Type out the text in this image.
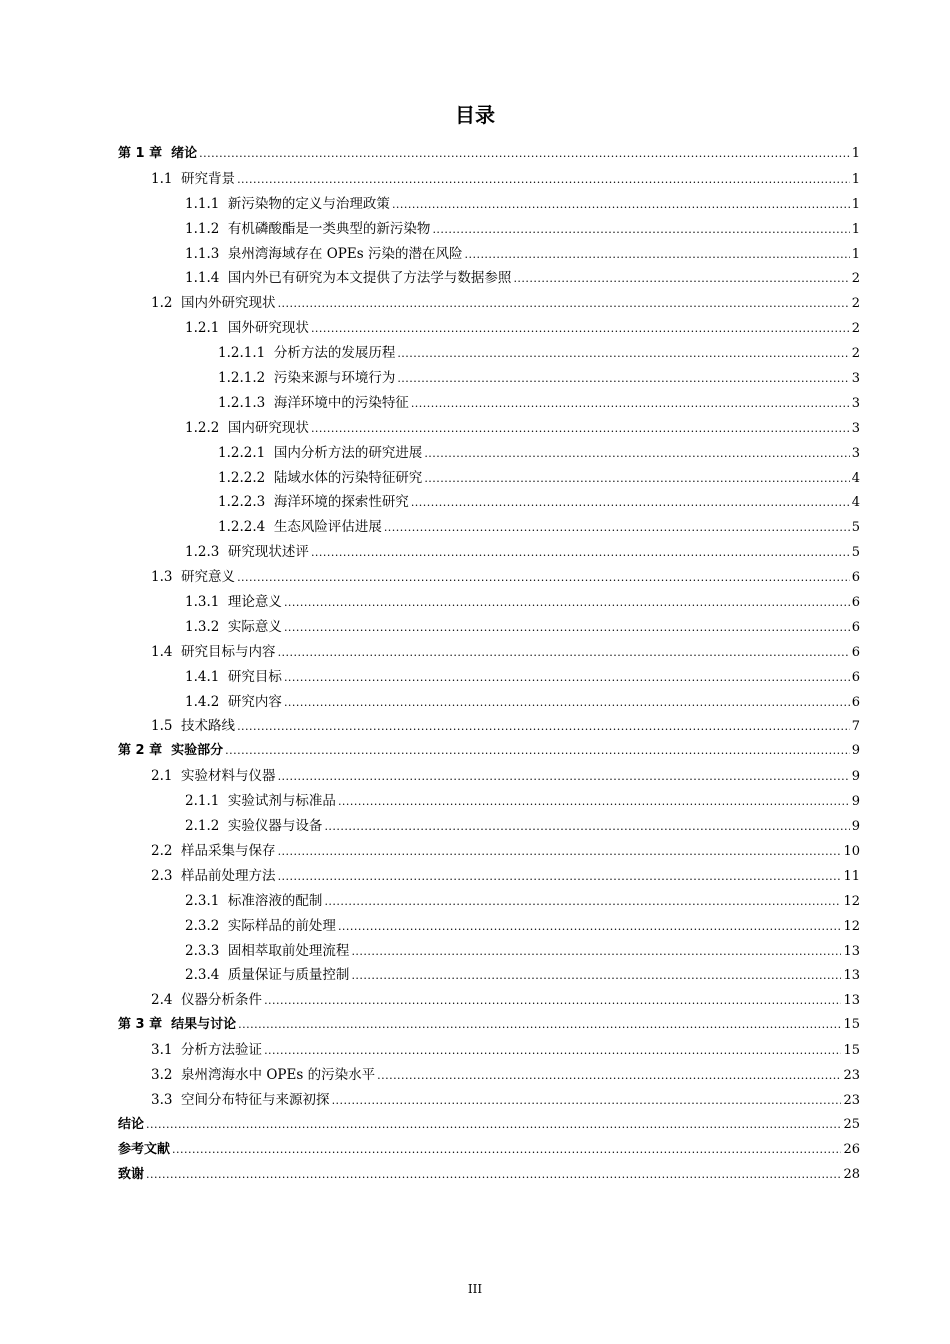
目录
第 1 章  绪论 .....	1
1.1  研究背景 .....	1
1.1.1  新污染物的定义与治理政策 .....	1
1.1.2  有机磷酸酯是一类典型的新污染物 .....	1
1.1.3  泉州湾海域存在 OPEs 污染的潜在风险 .....	1
1.1.4  国内外已有研究为本文提供了方法学与数据参照 .....	2
1.2  国内外研究现状 .....	2
1.2.1  国外研究现状 .....	2
1.2.1.1  分析方法的发展历程 .....	2
1.2.1.2  污染来源与环境行为 .....	3
1.2.1.3  海洋环境中的污染特征 .....	3
1.2.2  国内研究现状 .....	3
1.2.2.1  国内分析方法的研究进展 .....	3
1.2.2.2  陆域水体的污染特征研究 .....	4
1.2.2.3  海洋环境的探索性研究 .....	4
1.2.2.4  生态风险评估进展 .....	5
1.2.3  研究现状述评 .....	5
1.3  研究意义 .....	6
1.3.1  理论意义 .....	6
1.3.2  实际意义 .....	6
1.4  研究目标与内容 .....	6
1.4.1  研究目标 .....	6
1.4.2  研究内容 .....	6
1.5  技术路线 .....	7
第 2 章  实验部分 .....	9
2.1  实验材料与仪器 .....	9
2.1.1  实验试剂与标准品 .....	9
2.1.2  实验仪器与设备 .....	9
2.2  样品采集与保存 .....	10
2.3  样品前处理方法 .....	11
2.3.1  标准溶液的配制 .....	12
2.3.2  实际样品的前处理 .....	12
2.3.3  固相萃取前处理流程 .....	13
2.3.4  质量保证与质量控制 .....	13
2.4  仪器分析条件 .....	13
第 3 章  结果与讨论 .....	15
3.1  分析方法验证 .....	15
3.2  泉州湾海水中 OPEs 的污染水平 .....	23
3.3  空间分布特征与来源初探 .....	23
结论 .....	25
参考文献 .....	26
致谢 .....	28
III
